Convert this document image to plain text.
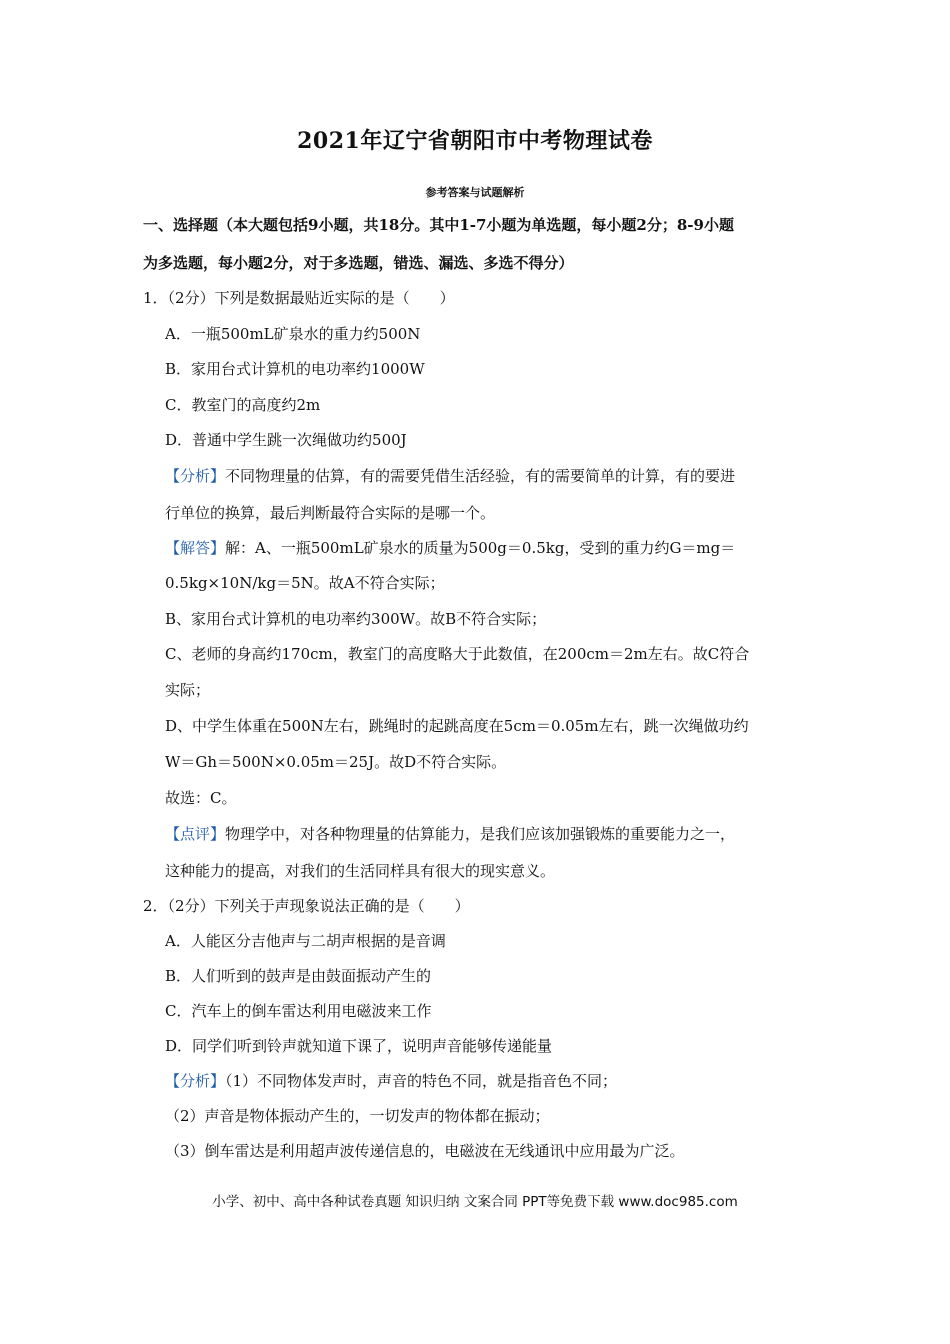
2021年辽宁省朝阳市中考物理试卷
参考答案与试题解析
一、选择题（本大题包括9小题，共18分。其中1-7小题为单选题，每小题2分；8-9小题
为多选题，每小题2分，对于多选题，错选、漏选、多选不得分）
1．（2分）下列是数据最贴近实际的是（　　）
A．一瓶500mL矿泉水的重力约500N
B．家用台式计算机的电功率约1000W
C．教室门的高度约2m
D．普通中学生跳一次绳做功约500J
【分析】不同物理量的估算，有的需要凭借生活经验，有的需要简单的计算，有的要进
行单位的换算，最后判断最符合实际的是哪一个。
【解答】解：A、一瓶500mL矿泉水的质量为500g＝0.5kg，受到的重力约G＝mg＝
0.5kg×10N/kg＝5N。故A不符合实际；
B、家用台式计算机的电功率约300W。故B不符合实际；
C、老师的身高约170cm，教室门的高度略大于此数值，在200cm＝2m左右。故C符合
实际；
D、中学生体重在500N左右，跳绳时的起跳高度在5cm＝0.05m左右，跳一次绳做功约
W＝Gh＝500N×0.05m＝25J。故D不符合实际。
故选：C。
【点评】物理学中，对各种物理量的估算能力，是我们应该加强锻炼的重要能力之一，
这种能力的提高，对我们的生活同样具有很大的现实意义。
2．（2分）下列关于声现象说法正确的是（　　）
A．人能区分吉他声与二胡声根据的是音调
B．人们听到的鼓声是由鼓面振动产生的
C．汽车上的倒车雷达利用电磁波来工作
D．同学们听到铃声就知道下课了，说明声音能够传递能量
【分析】（1）不同物体发声时，声音的特色不同，就是指音色不同；
（2）声音是物体振动产生的，一切发声的物体都在振动；
（3）倒车雷达是利用超声波传递信息的，电磁波在无线通讯中应用最为广泛。
小学、初中、高中各种试卷真题 知识归纳 文案合同 PPT等免费下载 www.doc985.com
